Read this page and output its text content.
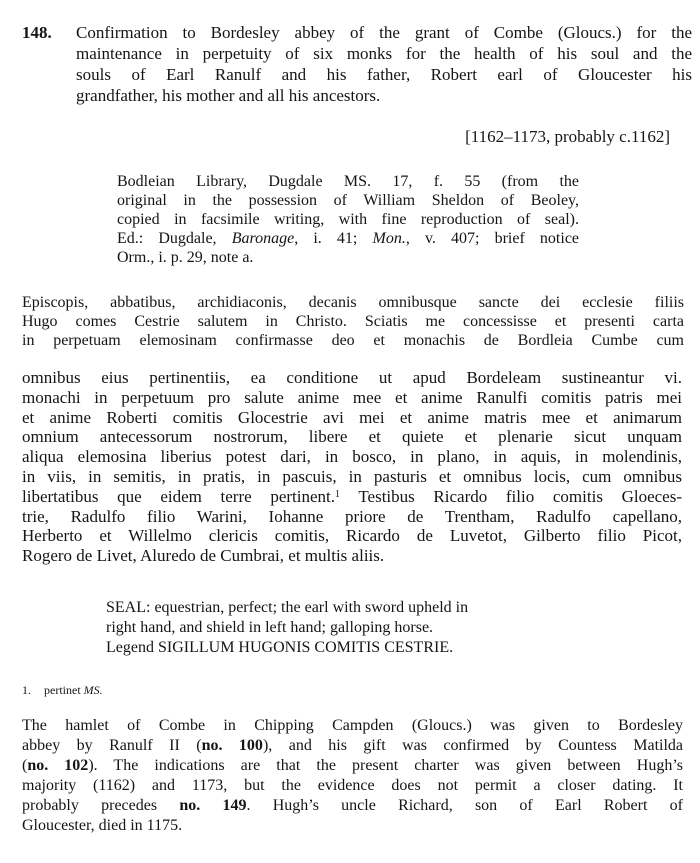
148. Confirmation to Bordesley abbey of the grant of Combe (Gloucs.) for the
maintenance in perpetuity of six monks for the health of his soul and the
souls of Earl Ranulf and his father, Robert earl of Gloucester his
grandfather, his mother and all his ancestors.
[1162–1173, probably c.1162]
Bodleian Library, Dugdale MS. 17, f. 55 (from the
original in the possession of William Sheldon of Beoley,
copied in facsimile writing, with fine reproduction of seal).
Ed.: Dugdale, Baronage, i. 41; Mon., v. 407; brief notice
Orm., i. p. 29, note a.
Episcopis, abbatibus, archidiaconis, decanis omnibusque sancte dei ecclesie filiis
Hugo comes Cestrie salutem in Christo. Sciatis me concessisse et presenti carta
in perpetuam elemosinam confirmasse deo et monachis de Bordleia Cumbe cum
omnibus eius pertinentiis, ea conditione ut apud Bordeleam sustineantur vi.
monachi in perpetuum pro salute anime mee et anime Ranulfi comitis patris mei
et anime Roberti comitis Glocestrie avi mei et anime matris mee et animarum
omnium antecessorum nostrorum, libere et quiete et plenarie sicut unquam
aliqua elemosina liberius potest dari, in bosco, in plano, in aquis, in molendinis,
in viis, in semitis, in pratis, in pascuis, in pasturis et omnibus locis, cum omnibus
libertatibus que eidem terre pertinent.$^1$ Testibus Ricardo filio comitis Gloeces-
trie, Radulfo filio Warini, Iohanne priore de Trentham, Radulfo capellano,
Herberto et Willelmo clericis comitis, Ricardo de Luvetot, Gilberto filio Picot,
Rogero de Livet, Aluredo de Cumbrai, et multis aliis.
SEAL: equestrian, perfect; the earl with sword upheld in
right hand, and shield in left hand; galloping horse.
Legend SIGILLUM HUGONIS COMITIS CESTRIE.
1. pertinet MS.
The hamlet of Combe in Chipping Campden (Gloucs.) was given to Bordesley
abbey by Ranulf II (no. 100), and his gift was confirmed by Countess Matilda
(no. 102). The indications are that the present charter was given between Hugh’s
majority (1162) and 1173, but the evidence does not permit a closer dating. It
probably precedes no. 149. Hugh’s uncle Richard, son of Earl Robert of
Gloucester, died in 1175.
